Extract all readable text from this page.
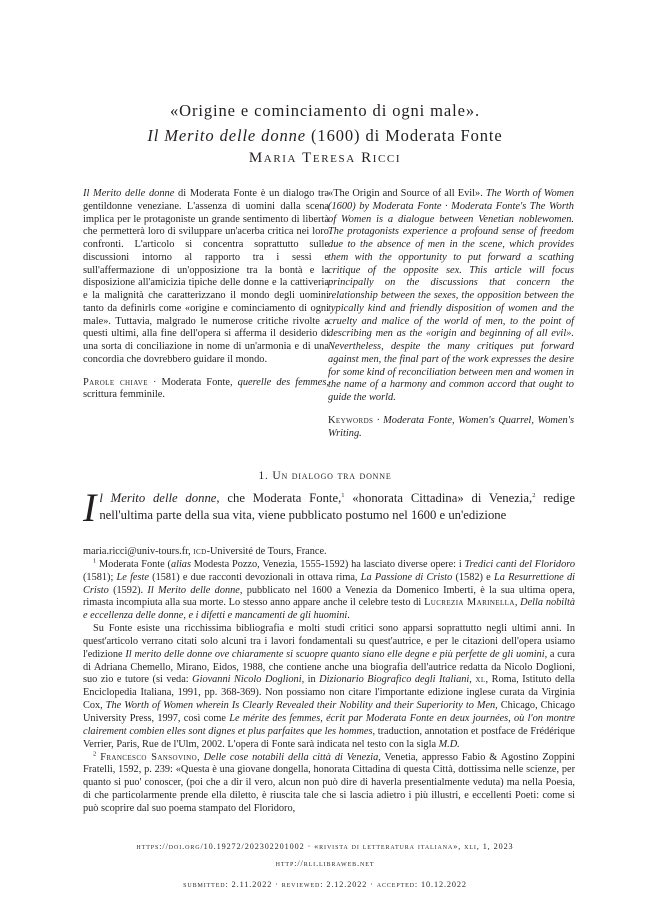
«Origine e cominciamento di ogni male».
Il Merito delle donne (1600) di Moderata Fonte

Maria Teresa Ricci

Il Merito delle donne di Moderata Fonte è un dialogo tra gentildonne veneziane. L'assenza di uomini dalla scena implica per le protagoniste un grande sentimento di libertà che permetterà loro di sviluppare un'acerba critica nei loro confronti. L'articolo si concentra soprattutto sulle discussioni intorno al rapporto tra i sessi e sull'affermazione di un'opposizione tra la bontà e la disposizione all'amicizia tipiche delle donne e la cattiveria e la malignità che caratterizzano il mondo degli uomini tanto da definirls come «origine e cominciamento di ogni male». Tuttavia, malgrado le numerose critiche rivolte a questi ultimi, alla fine dell'opera si afferma il desiderio di una sorta di conciliazione in nome di un'armonia e di una concordia che dovrebbero guidare il mondo.

Parole chiave · Moderata Fonte, querelle des femmes, scrittura femminile.

«The Origin and Source of all Evil». The Worth of Women (1600) by Moderata Fonte · Moderata Fonte's The Worth of Women is a dialogue between Venetian noblewomen. The protagonists experience a profound sense of freedom due to the absence of men in the scene, which provides them with the opportunity to put forward a scathing critique of the opposite sex. This article will focus principally on the discussions that concern the relationship between the sexes, the opposition between the typically kind and friendly disposition of women and the cruelty and malice of the world of men, to the point of describing men as the «origin and beginning of all evil». Nevertheless, despite the many critiques put forward against men, the final part of the work expresses the desire for some kind of reconciliation between men and women in the name of a harmony and common accord that ought to guide the world.

Keywords · Moderata Fonte, Women's Quarrel, Women's Writing.

1. Un dialogo tra donne

Il Merito delle donne, che Moderata Fonte,$^1$ «honorata Cittadina» di Venezia,$^2$ redige nell'ultima parte della sua vita, viene pubblicato postumo nel 1600 e un'edizione

maria.ricci@univ-tours.fr, icd-Université de Tours, France.

$^1$ Moderata Fonte (alias Modesta Pozzo, Venezia, 1555-1592) ha lasciato diverse opere: i Tredici canti del Floridoro (1581); Le feste (1581) e due racconti devozionali in ottava rima, La Passione di Cristo (1582) e La Resurrettione di Cristo (1592). Il Merito delle donne, pubblicato nel 1600 a Venezia da Domenico Imberti, è la sua ultima opera, rimasta incompiuta alla sua morte. Lo stesso anno appare anche il celebre testo di Lucrezia Marinella, Della nobiltà e eccellenza delle donne, e i difetti e mancamenti de gli huomini.

Su Fonte esiste una ricchissima bibliografia e molti studi critici sono apparsi soprattutto negli ultimi anni. In quest'articolo verrano citati solo alcuni tra i lavori fondamentali su quest'autrice, e per le citazioni dell'opera usiamo l'edizione Il merito delle donne ove chiaramente si scuopre quanto siano elle degne e più perfette de gli uomini, a cura di Adriana Chemello, Mirano, Eidos, 1988, che contiene anche una biografia dell'autrice redatta da Nicolo Doglioni, suo zio e tutore (si veda: Giovanni Nicolo Doglioni, in Dizionario Biografico degli Italiani, xl, Roma, Istituto della Enciclopedia Italiana, 1991, pp. 368-369). Non possiamo non citare l'importante edizione inglese curata da Virginia Cox, The Worth of Women wherein Is Clearly Revealed their Nobility and their Superiority to Men, Chicago, Chicago University Press, 1997, così come Le mérite des femmes, écrit par Moderata Fonte en deux journées, où l'on montre clairement combien elles sont dignes et plus parfaites que les hommes, traduction, annotation et postface de Frédérique Verrier, Paris, Rue de l'Ulm, 2002. L'opera di Fonte sarà indicata nel testo con la sigla M.D.

$^2$ Francesco Sansovino, Delle cose notabili della città di Venezia, Venetia, appresso Fabio & Agostino Zoppini Fratelli, 1592, p. 239: «Questa è una giovane dongella, honorata Cittadina di questa Città, dottissima nelle scienze, per quanto si puo' conoscer, (poi che a dir il vero, alcun non può dire di haverla presentialmente veduta) ma nella Poesia, di che particolarmente prende ella diletto, è riuscita tale che si lascia adietro i più illustri, e eccellenti Poeti: come si può scoprire dal suo poema stampato del Floridoro,

https://doi.org/10.19272/202302201002 · «rivista di letteratura italiana», xli, 1, 2023
http://rli.libraweb.net
submitted: 2.11.2022 · reviewed: 2.12.2022 · accepted: 10.12.2022
